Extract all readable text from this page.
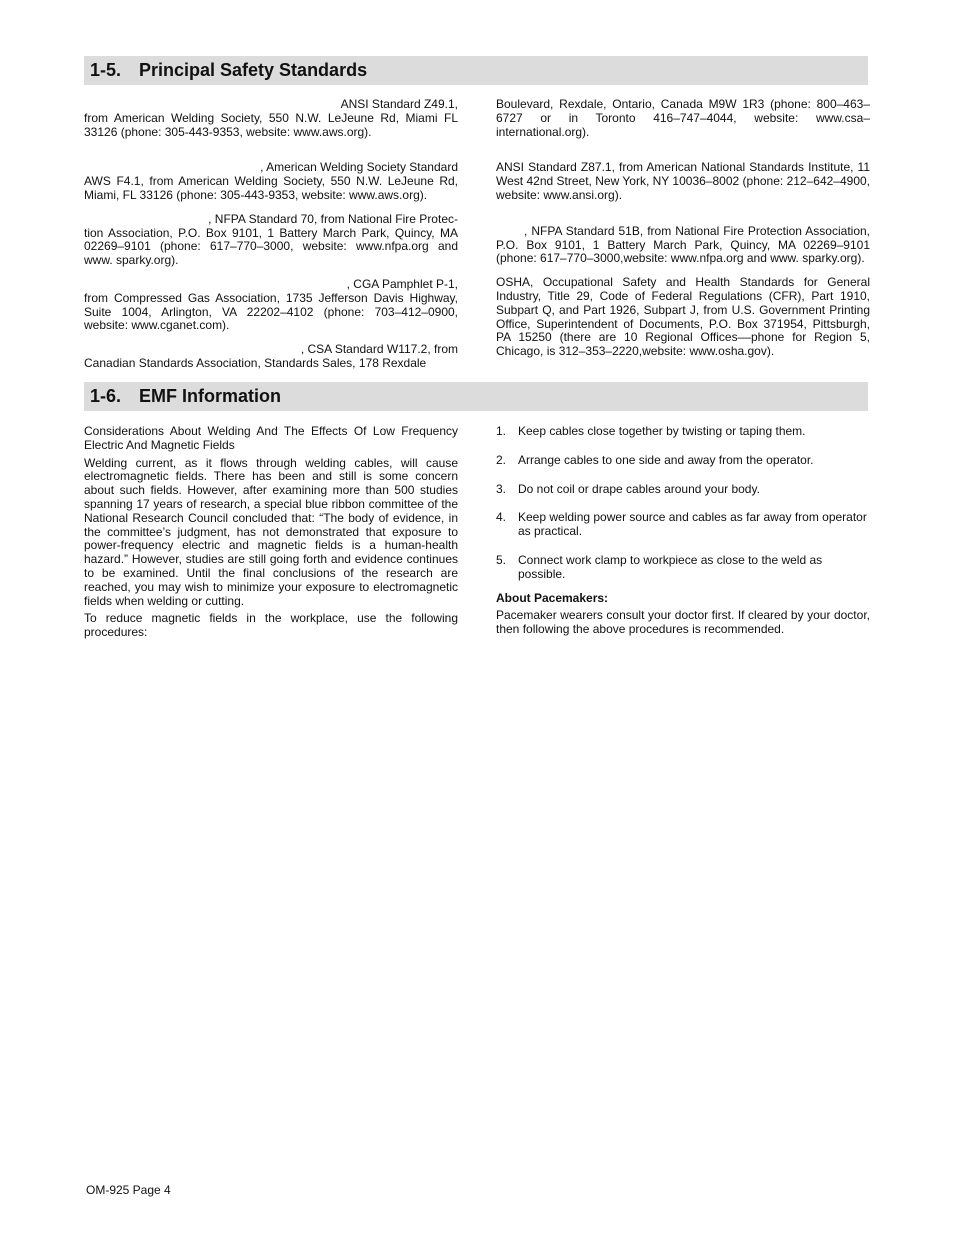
1-5. Principal Safety Standards
ANSI Standard Z49.1,
from American Welding Society, 550 N.W. LeJeune Rd, Miami FL 33126 (phone: 305-443-9353, website: www.aws.org).
, American Welding Society Standard
AWS F4.1, from American Welding Society, 550 N.W. LeJeune Rd, Miami, FL 33126 (phone: 305-443-9353, website: www.aws.org).
, NFPA Standard 70, from National Fire Protec-
tion Association, P.O. Box 9101, 1 Battery March Park, Quincy, MA 02269–9101 (phone: 617–770–3000, website: www.nfpa.org and www. sparky.org).
, CGA Pamphlet P-1,
from Compressed Gas Association, 1735 Jefferson Davis Highway, Suite 1004, Arlington, VA 22202–4102 (phone: 703–412–0900, website: www.cganet.com).
, CSA Standard W117.2, from
Canadian Standards Association, Standards Sales, 178 Rexdale

Boulevard, Rexdale, Ontario, Canada M9W 1R3 (phone: 800–463–6727 or in Toronto 416–747–4044, website: www.csa–international.org).

ANSI Standard Z87.1, from American National Standards Institute, 11 West 42nd Street, New York, NY 10036–8002 (phone: 212–642–4900, website: www.ansi.org).

, NFPA Standard 51B, from National Fire Protection Association, P.O. Box 9101, 1 Battery March Park, Quincy, MA 02269–9101 (phone: 617–770–3000,website: www.nfpa.org and www. sparky.org).

OSHA, Occupational Safety and Health Standards for General Industry, Title 29, Code of Federal Regulations (CFR), Part 1910, Subpart Q, and Part 1926, Subpart J, from U.S. Government Printing Office, Superintendent of Documents, P.O. Box 371954, Pittsburgh, PA 15250 (there are 10 Regional Offices––phone for Region 5, Chicago, is 312–353–2220,website: www.osha.gov).

1-6. EMF Information

Considerations About Welding And The Effects Of Low Frequency Electric And Magnetic Fields

Welding current, as it flows through welding cables, will cause electromagnetic fields. There has been and still is some concern about such fields. However, after examining more than 500 studies spanning 17 years of research, a special blue ribbon committee of the National Research Council concluded that: “The body of evidence, in the committee’s judgment, has not demonstrated that exposure to power-frequency electric and magnetic fields is a human-health hazard.” However, studies are still going forth and evidence continues to be examined. Until the final conclusions of the research are reached, you may wish to minimize your exposure to electromagnetic fields when welding or cutting.

To reduce magnetic fields in the workplace, use the following procedures:

1. Keep cables close together by twisting or taping them.
2. Arrange cables to one side and away from the operator.
3. Do not coil or drape cables around your body.
4. Keep welding power source and cables as far away from operator as practical.
5. Connect work clamp to workpiece as close to the weld as possible.

About Pacemakers:

Pacemaker wearers consult your doctor first. If cleared by your doctor, then following the above procedures is recommended.

OM-925 Page 4
